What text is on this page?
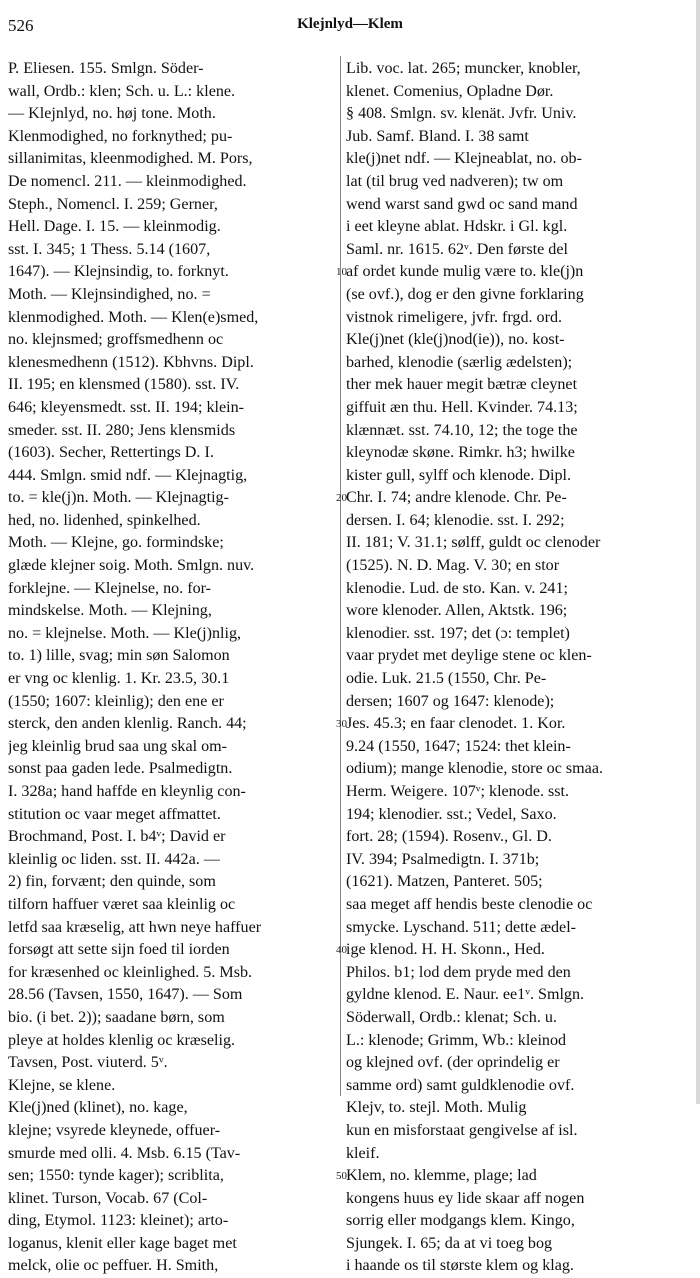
526	Klejnlyd—Klem
P. Eliesen. 155. Smlgn. Söder-
wall, Ordb.: klen; Sch. u. L.: klene.
— Klejnlyd, no. høj tone. Moth.
Klenmodighed, no forknythed; pu-
sillanimitas, kleenmodighed. M. Pors,
De nomencl. 211. — kleinmodighed.
Steph., Nomencl. I. 259; Gerner,
Hell. Dage. I. 15. — kleinmodig.
sst. I. 345; 1 Thess. 5.14 (1607,
1647). — Klejnsindig, to. forknyt.
Moth. — Klejnsindighed, no. =
klenmodighed. Moth. — Klen(e)smed,
no. klejnsmed; groffsmedhenn oc
klenesmedhenn (1512). Kbhvns. Dipl.
II. 195; en klensmed (1580). sst. IV.
646; kleyensmedt. sst. II. 194; klein-
smeder. sst. II. 280; Jens klensmids
(1603). Secher, Rettertings D. I.
444. Smlgn. smid ndf. — Klejnagtig,
to. = kle(j)n. Moth. — Klejnagtig-
hed, no. lidenhed, spinkelhed.
Moth. — Klejne, go. formindske;
glæde klejner soig. Moth. Smlgn. nuv.
forklejne. — Klejnelse, no. for-
mindskelse. Moth. — Klejning,
no. = klejnelse. Moth. — Kle(j)nlig,
to. 1) lille, svag; min søn Salomon
er vng oc klenlig. 1. Kr. 23.5, 30.1
(1550; 1607: kleinlig); den ene er
sterck, den anden klenlig. Ranch. 44;
jeg kleinlig brud saa ung skal om-
sonst paa gaden lede. Psalmedigtn.
I. 328a; hand haffde en kleynlig con-
stitution oc vaar meget affmattet.
Brochmand, Post. I. b4ᵛ; David er
kleinlig oc liden. sst. II. 442a. —
2) fin, forvænt; den quinde, som
tilforn haffuer været saa kleinlig oc
letfd saa kræselig, att hwn neye haffuer
forsøgt att sette sijn foed til iorden
for kræsenhed oc kleinlighed. 5. Msb.
28.56 (Tavsen, 1550, 1647). — Som
bio. (i bet. 2)); saadane børn, som
pleye at holdes klenlig oc kræselig.
Tavsen, Post. viuterd. 5ᵛ.
Klejne, se klene.
Kle(j)ned (klinet), no. kage,
klejne; vsyrede kleynede, offuer-
smurde med olli. 4. Msb. 6.15 (Tav-
sen; 1550: tynde kager); scriblita,
klinet. Turson, Vocab. 67 (Col-
ding, Etymol. 1123: kleinet); arto-
loganus, klenit eller kage baget met
melck, olie oc peffuer. H. Smith,
Lib. voc. lat. 265; muncker, knobler,
klenet. Comenius, Opladne Dør.
§ 408. Smlgn. sv. klenät. Jvfr. Univ.
Jub. Samf. Bland. I. 38 samt
kle(j)net ndf. — Klejneablat, no. ob-
lat (til brug ved nadveren); tw om
wend warst sand gwd oc sand mand
i eet kleyne ablat. Hdskr. i Gl. kgl.
Saml. nr. 1615. 62ᵛ. Den første del
af ordet kunde mulig være to. kle(j)n
(se ovf.), dog er den givne forklaring
vistnok rimeligere, jvfr. frgd. ord.
Kle(j)net (kle(j)nod(ie)), no. kost-
barhed, klenodie (særlig ædelsten);
ther mek hauer megit bætræ cleynet
giffuit æn thu. Hell. Kvinder. 74.13;
klænnæt. sst. 74.10, 12; the toge the
kleynodæ skøne. Rimkr. h3; hwilke
kister gull, sylff och klenode. Dipl.
Chr. I. 74; andre klenode. Chr. Pe-
dersen. I. 64; klenodie. sst. I. 292;
II. 181; V. 31.1; sølff, guldt oc clenoder
(1525). N. D. Mag. V. 30; en stor
klenodie. Lud. de sto. Kan. v. 241;
wore klenoder. Allen, Aktstk. 196;
klenodier. sst. 197; det (ɔ: templet)
vaar prydet met deylige stene oc klen-
odie. Luk. 21.5 (1550, Chr. Pe-
dersen; 1607 og 1647: klenode);
Jes. 45.3; en faar clenodet. 1. Kor.
9.24 (1550, 1647; 1524: thet klein-
odium); mange klenodie, store oc smaa.
Herm. Weigere. 107ᵛ; klenode. sst.
194; klenodier. sst.; Vedel, Saxo.
fort. 28; (1594). Rosenv., Gl. D.
IV. 394; Psalmedigtn. I. 371b;
(1621). Matzen, Panteret. 505;
saa meget aff hendis beste clenodie oc
smycke. Lyschand. 511; dette ædel-
ige klenod. H. H. Skonn., Hed.
Philos. b1; lod dem pryde med den
gyldne klenod. E. Naur. ee1ᵛ. Smlgn.
Söderwall, Ordb.: klenat; Sch. u.
L.: klenode; Grimm, Wb.: kleinod
og klejned ovf. (der oprindelig er
samme ord) samt guldklenodie ovf.
Klejv, to. stejl. Moth. Mulig
kun en misforstaat gengivelse af isl.
kleif.
Klem, no. klemme, plage; lad
kongens huus ey lide skaar aff nogen
sorrig eller modgangs klem. Kingo,
Sjungek. I. 65; da at vi toeg bog
i haande os til største klem og klag.
10
20
30
40
50
